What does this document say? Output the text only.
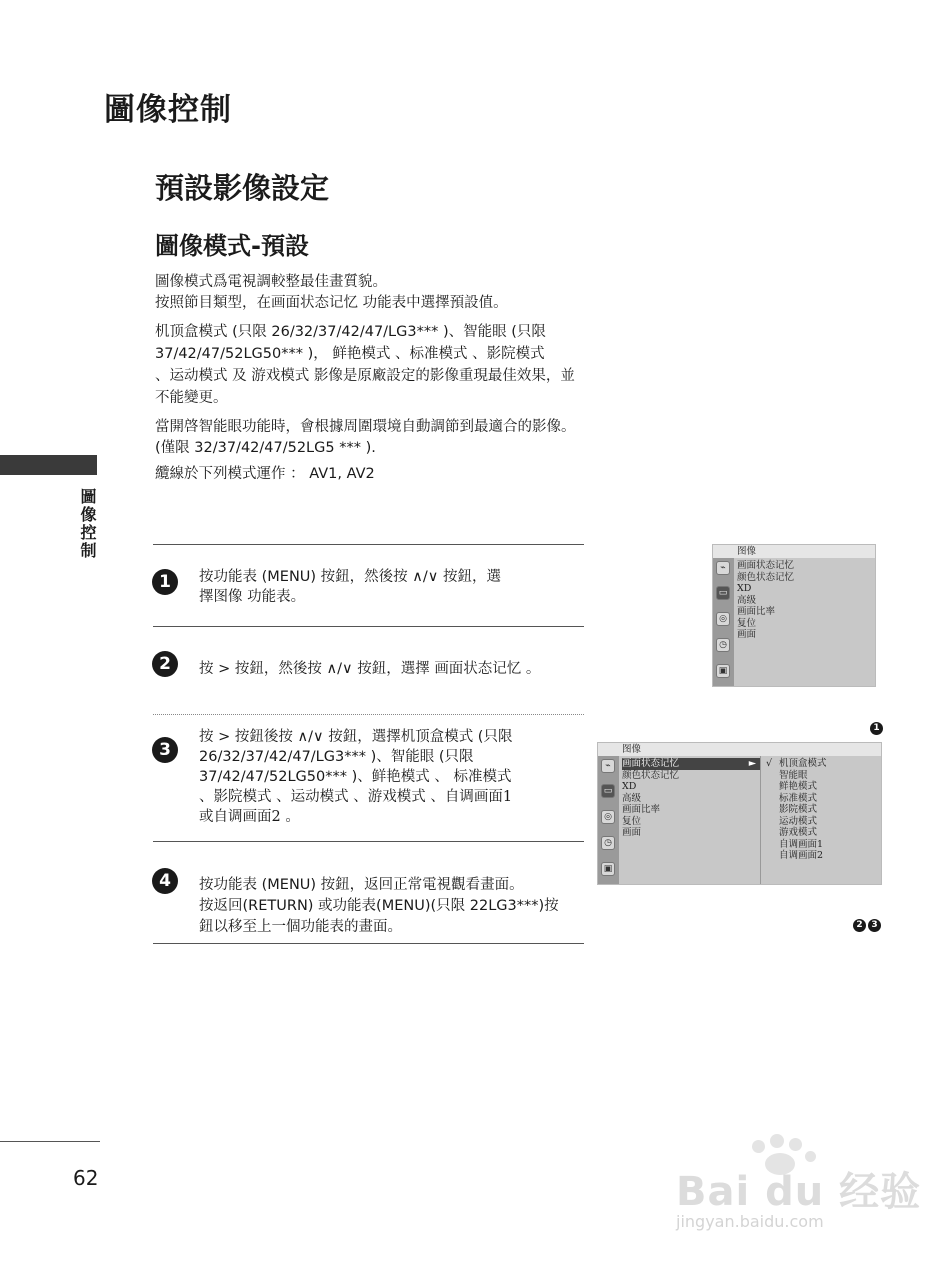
圖像控制
預設影像設定
圖像模式-預設
圖像模式爲電視調較整最佳畫質貌。
按照節目類型，在画面状态记忆 功能表中選擇預設值。
机顶盒模式 (只限 26/32/37/42/47/LG3*** )、智能眼 (只限
37/42/47/52LG50*** )， 鲜艳模式 、标准模式 、影院模式
、运动模式 及 游戏模式 影像是原廠設定的影像重現最佳效果，並
不能變更。
當開啓智能眼功能時，會根據周圍環境自動調節到最適合的影像。
(僅限 32/37/42/47/52LG5 *** ).
纜線於下列模式運作 ： AV1, AV2
圖像控制
1	按功能表 (MENU) 按鈕，然後按 ∧/∨ 按鈕，選
擇图像 功能表。
2	按 > 按鈕，然後按 ∧/∨ 按鈕，選擇 画面状态记忆 。
3
按 > 按鈕後按 ∧/∨ 按鈕，選擇机顶盒模式 (只限
26/32/37/42/47/LG3*** )、智能眼 (只限
37/42/47/52LG50*** )、鲜艳模式 、 标准模式
、影院模式 、运动模式 、游戏模式 、自调画面1
或自调画面2 。
4	按功能表 (MENU) 按鈕，返回正常電視觀看畫面。
按返回(RETURN) 或功能表(MENU)(只限 22LG3***)按
鈕以移至上一個功能表的畫面。
图像
⌁
▭
◎
◷
▣
画面状态记忆
颜色状态记忆
XD
高级
画面比率
复位
画面
1
图像
⌁
▭
◎
◷
▣
画面状态记忆	►
颜色状态记忆
XD
高级
画面比率
复位
画面
√ 机顶盒模式
智能眼
鲜艳模式
标准模式
影院模式
运动模式
游戏模式
自调画面1
自调画面2
2 3
62	Bai du 经验
jingyan.baidu.com
